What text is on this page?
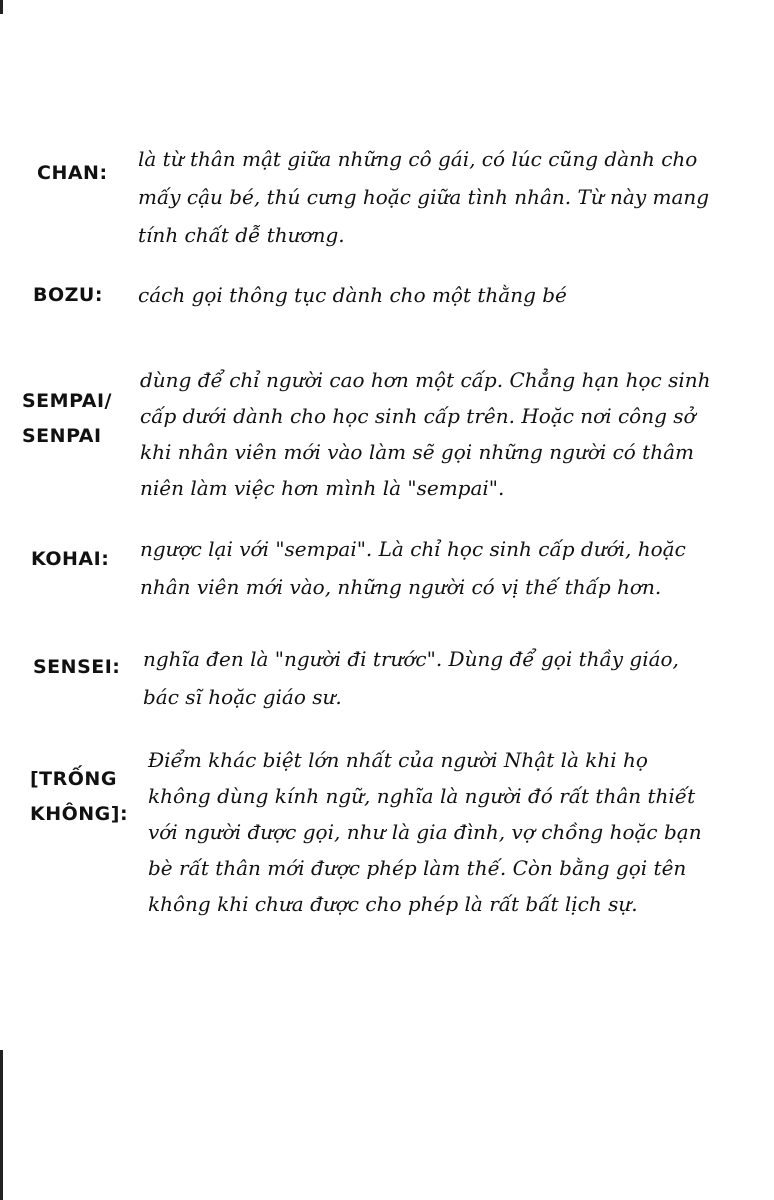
CHAN:
là từ thân mật giữa những cô gái, có lúc cũng dành cho
mấy cậu bé, thú cưng hoặc giữa tình nhân. Từ này mang
tính chất dễ thương.
BOZU: cách gọi thông tục dành cho một thằng bé
SEMPAI/
SENPAI
dùng để chỉ người cao hơn một cấp. Chẳng hạn học sinh
cấp dưới dành cho học sinh cấp trên. Hoặc nơi công sở
khi nhân viên mới vào làm sẽ gọi những người có thâm
niên làm việc hơn mình là "sempai".
KOHAI: ngược lại với "sempai". Là chỉ học sinh cấp dưới, hoặc
nhân viên mới vào, những người có vị thế thấp hơn.
SENSEI: nghĩa đen là "người đi trước". Dùng để gọi thầy giáo,
bác sĩ hoặc giáo sư.
[TRỐNG
KHÔNG]:
Điểm khác biệt lớn nhất của người Nhật là khi họ
không dùng kính ngữ, nghĩa là người đó rất thân thiết
với người được gọi, như là gia đình, vợ chồng hoặc bạn
bè rất thân mới được phép làm thế. Còn bằng gọi tên
không khi chưa được cho phép là rất bất lịch sự.
